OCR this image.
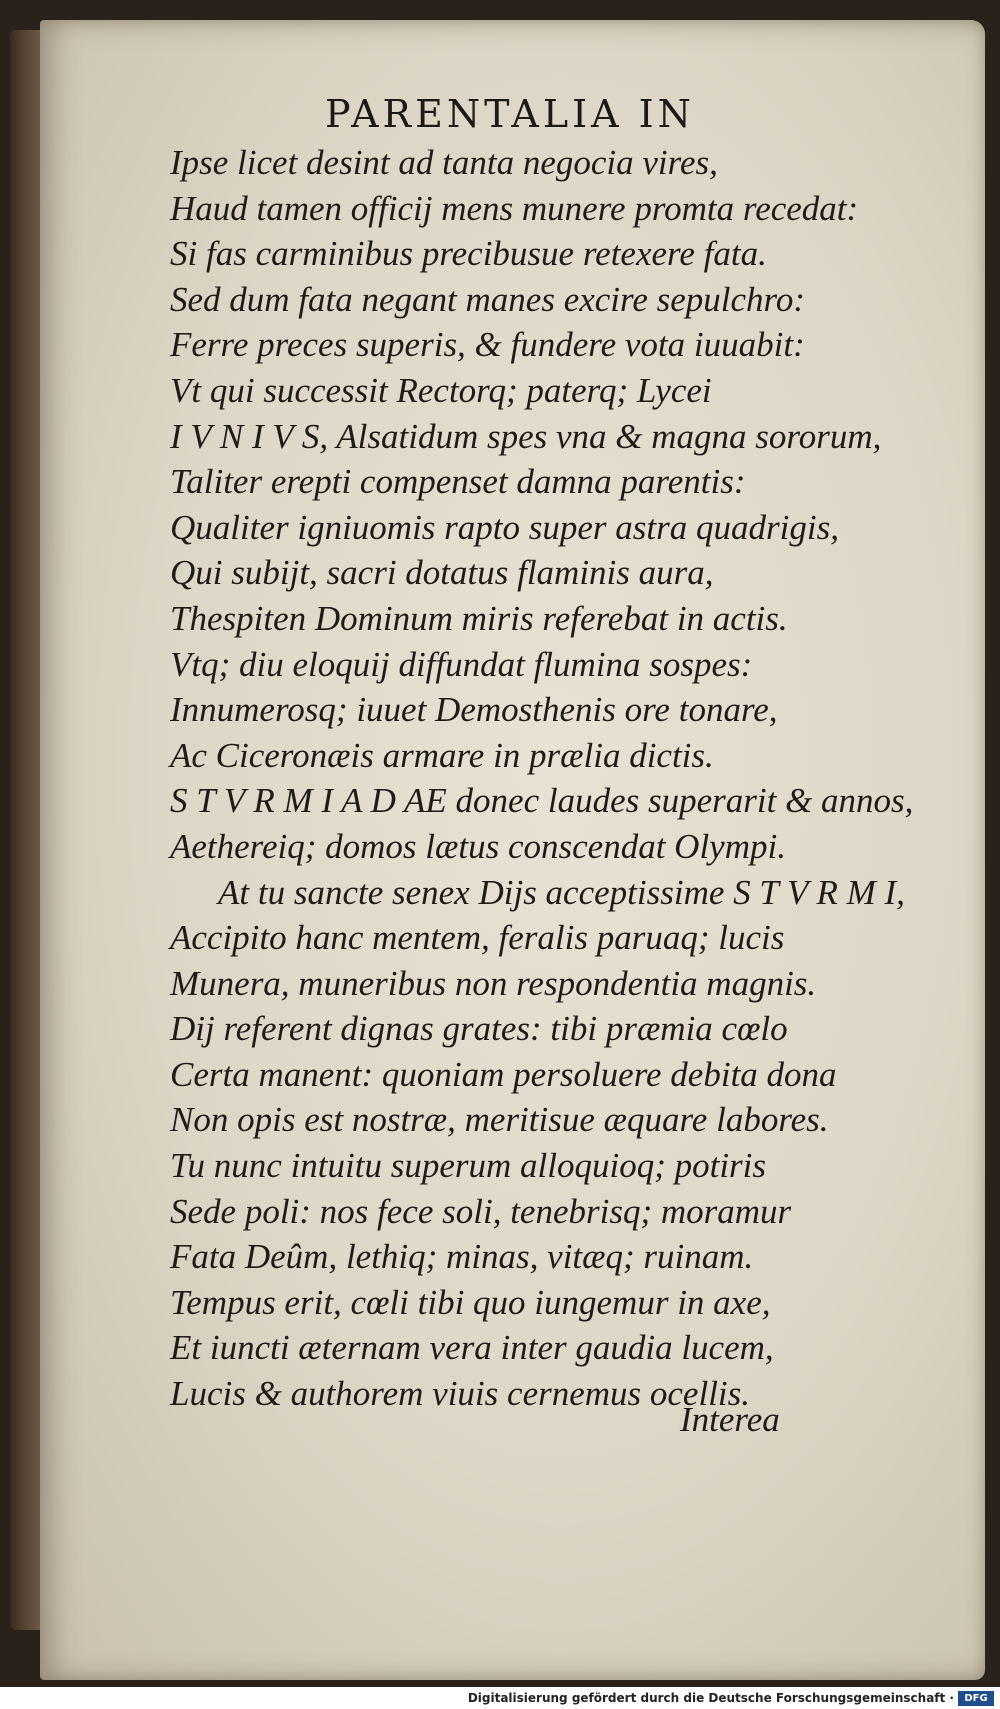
PARENTALIA IN
Ipse licet desint ad tanta negocia vires,
Haud tamen officij mens munere promta recedat:
Si fas carminibus precibusue retexere fata.
Sed dum fata negant manes excire sepulchro:
Ferre preces superis, & fundere vota iuuabit:
Vt qui successit Rectorq; paterq; Lycei
I V N I V S, Alsatidum spes vna & magna sororum,
Taliter erepti compenset damna parentis:
Qualiter igniuomis rapto super astra quadrigis,
Qui subijt, sacri dotatus flaminis aura,
Thespiten Dominum miris referebat in actis.
Vtq; diu eloquij diffundat flumina sospes:
Innumerosq; iuuet Demosthenis ore tonare,
Ac Ciceronæis armare in prælia dictis.
S T V R M I A D AE donec laudes superarit & annos,
Aethereiq; domos lætus conscendat Olympi.
At tu sancte senex Dijs acceptissime S T V R M I,
Accipito hanc mentem, feralis paruaq; lucis
Munera, muneribus non respondentia magnis.
Dij referent dignas grates: tibi præmia cœlo
Certa manent: quoniam persoluere debita dona
Non opis est nostræ, meritisue æquare labores.
Tu nunc intuitu superum alloquioq; potiris
Sede poli: nos fece soli, tenebrisq; moramur
Fata Deûm, lethiq; minas, vitæq; ruinam.
Tempus erit, cœli tibi quo iungemur in axe,
Et iuncti æternam vera inter gaudia lucem,
Lucis & authorem viuis cernemus ocellis.
Interea
Digitalisierung gefördert durch die Deutsche Forschungsgemeinschaft ·	DFG
